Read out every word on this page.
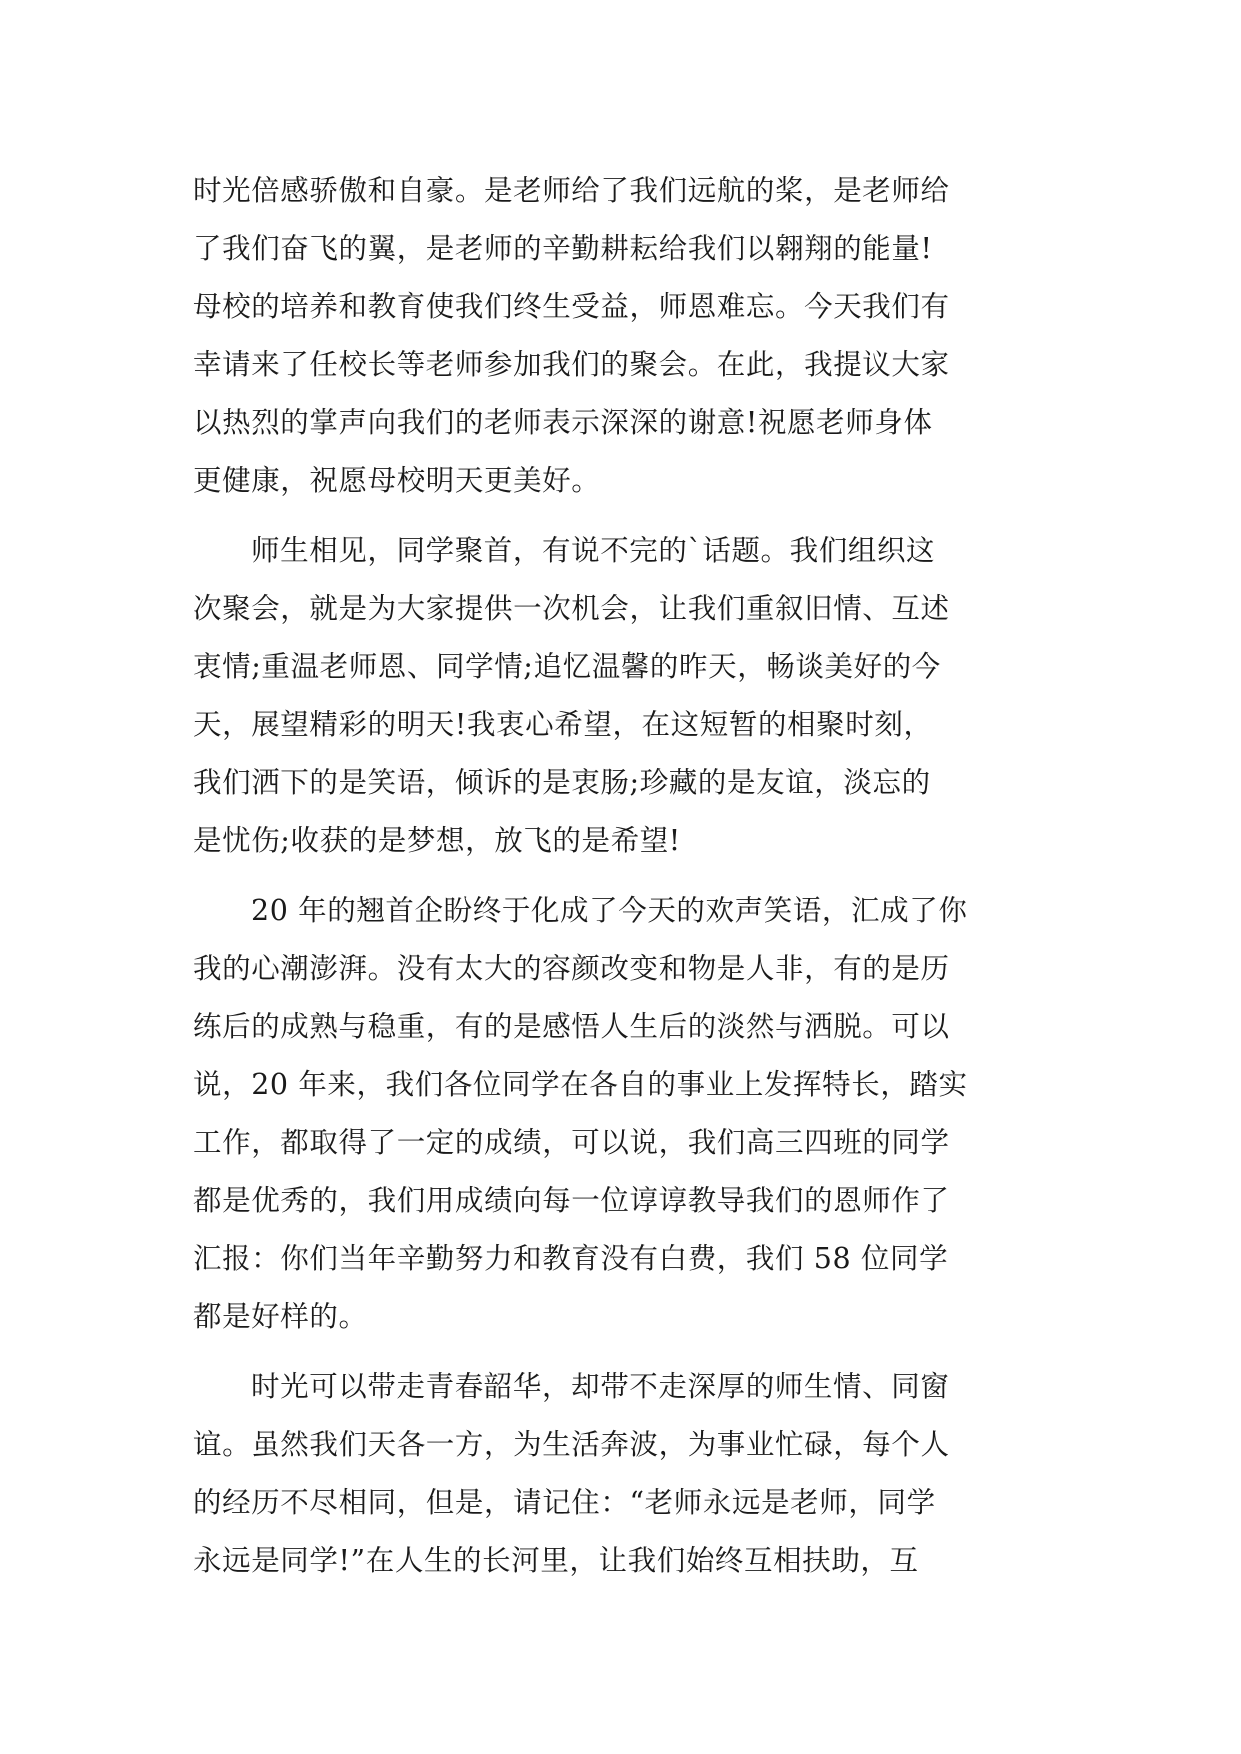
时光倍感骄傲和自豪。是老师给了我们远航的桨，是老师给
了我们奋飞的翼，是老师的辛勤耕耘给我们以翱翔的能量!
母校的培养和教育使我们终生受益，师恩难忘。今天我们有
幸请来了任校长等老师参加我们的聚会。在此，我提议大家
以热烈的掌声向我们的老师表示深深的谢意!祝愿老师身体
更健康，祝愿母校明天更美好。
师生相见，同学聚首，有说不完的`话题。我们组织这
次聚会，就是为大家提供一次机会，让我们重叙旧情、互述
衷情;重温老师恩、同学情;追忆温馨的昨天，畅谈美好的今
天，展望精彩的明天!我衷心希望，在这短暂的相聚时刻，
我们洒下的是笑语，倾诉的是衷肠;珍藏的是友谊，淡忘的
是忧伤;收获的是梦想，放飞的是希望!
20 年的翘首企盼终于化成了今天的欢声笑语，汇成了你
我的心潮澎湃。没有太大的容颜改变和物是人非，有的是历
练后的成熟与稳重，有的是感悟人生后的淡然与洒脱。可以
说，20 年来，我们各位同学在各自的事业上发挥特长，踏实
工作，都取得了一定的成绩，可以说，我们高三四班的同学
都是优秀的，我们用成绩向每一位谆谆教导我们的恩师作了
汇报：你们当年辛勤努力和教育没有白费，我们 58 位同学
都是好样的。
时光可以带走青春韶华，却带不走深厚的师生情、同窗
谊。虽然我们天各一方，为生活奔波，为事业忙碌，每个人
的经历不尽相同，但是，请记住：“老师永远是老师，同学
永远是同学!”在人生的长河里，让我们始终互相扶助，互
